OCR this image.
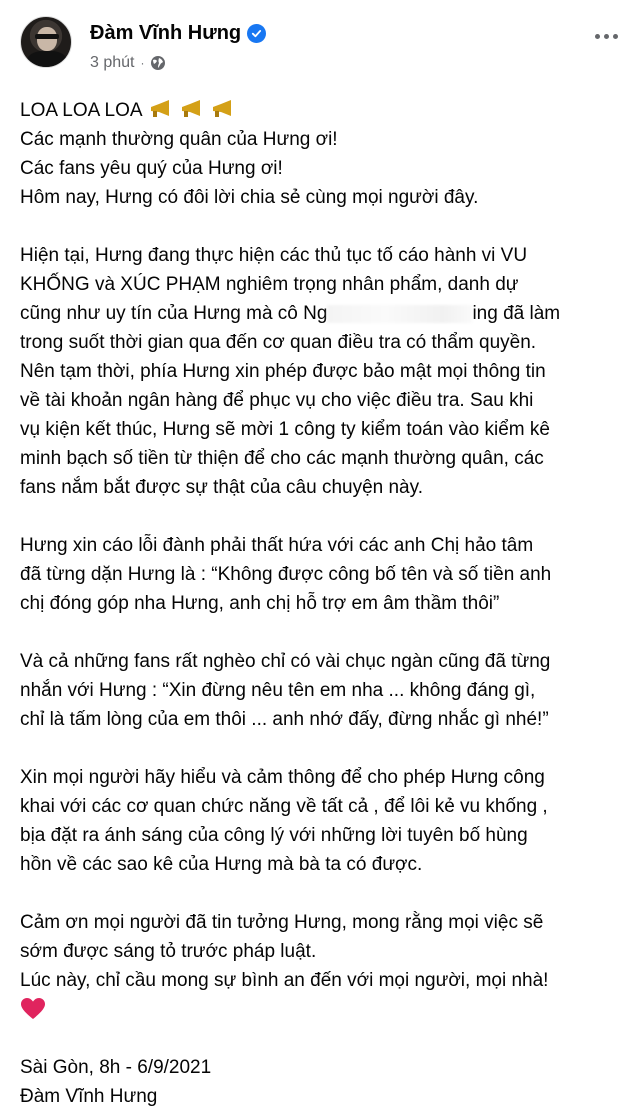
Đàm Vĩnh Hưng
3 phút ·
LOA LOA LOA
Các mạnh thường quân của Hưng ơi!
Các fans yêu quý của Hưng ơi!
Hôm nay, Hưng có đôi lời chia sẻ cùng mọi người đây.
Hiện tại, Hưng đang thực hiện các thủ tục tố cáo hành vi VU
KHỐNG và XÚC PHẠM nghiêm trọng nhân phẩm, danh dự
cũng như uy tín của Hưng mà cô Ng	ing đã làm
trong suốt thời gian qua đến cơ quan điều tra có thẩm quyền.
Nên tạm thời, phía Hưng xin phép được bảo mật mọi thông tin
về tài khoản ngân hàng để phục vụ cho việc điều tra. Sau khi
vụ kiện kết thúc, Hưng sẽ mời 1 công ty kiểm toán vào kiểm kê
minh bạch số tiền từ thiện để cho các mạnh thường quân, các
fans nắm bắt được sự thật của câu chuyện này.
Hưng xin cáo lỗi đành phải thất hứa với các anh Chị hảo tâm
đã từng dặn Hưng là : “Không được công bố tên và số tiền anh
chị đóng góp nha Hưng, anh chị hỗ trợ em âm thầm thôi”
Và cả những fans rất nghèo chỉ có vài chục ngàn cũng đã từng
nhắn với Hưng : “Xin đừng nêu tên em nha ... không đáng gì,
chỉ là tấm lòng của em thôi ... anh nhớ đấy, đừng nhắc gì nhé!”
Xin mọi người hãy hiểu và cảm thông để cho phép Hưng công
khai với các cơ quan chức năng về tất cả , để lôi kẻ vu khống ,
bịa đặt ra ánh sáng của công lý với những lời tuyên bố hùng
hồn về các sao kê của Hưng mà bà ta có được.
Cảm ơn mọi người đã tin tưởng Hưng, mong rằng mọi việc sẽ
sớm được sáng tỏ trước pháp luật.
Lúc này, chỉ cầu mong sự bình an đến với mọi người, mọi nhà!
Sài Gòn, 8h - 6/9/2021
Đàm Vĩnh Hưng
